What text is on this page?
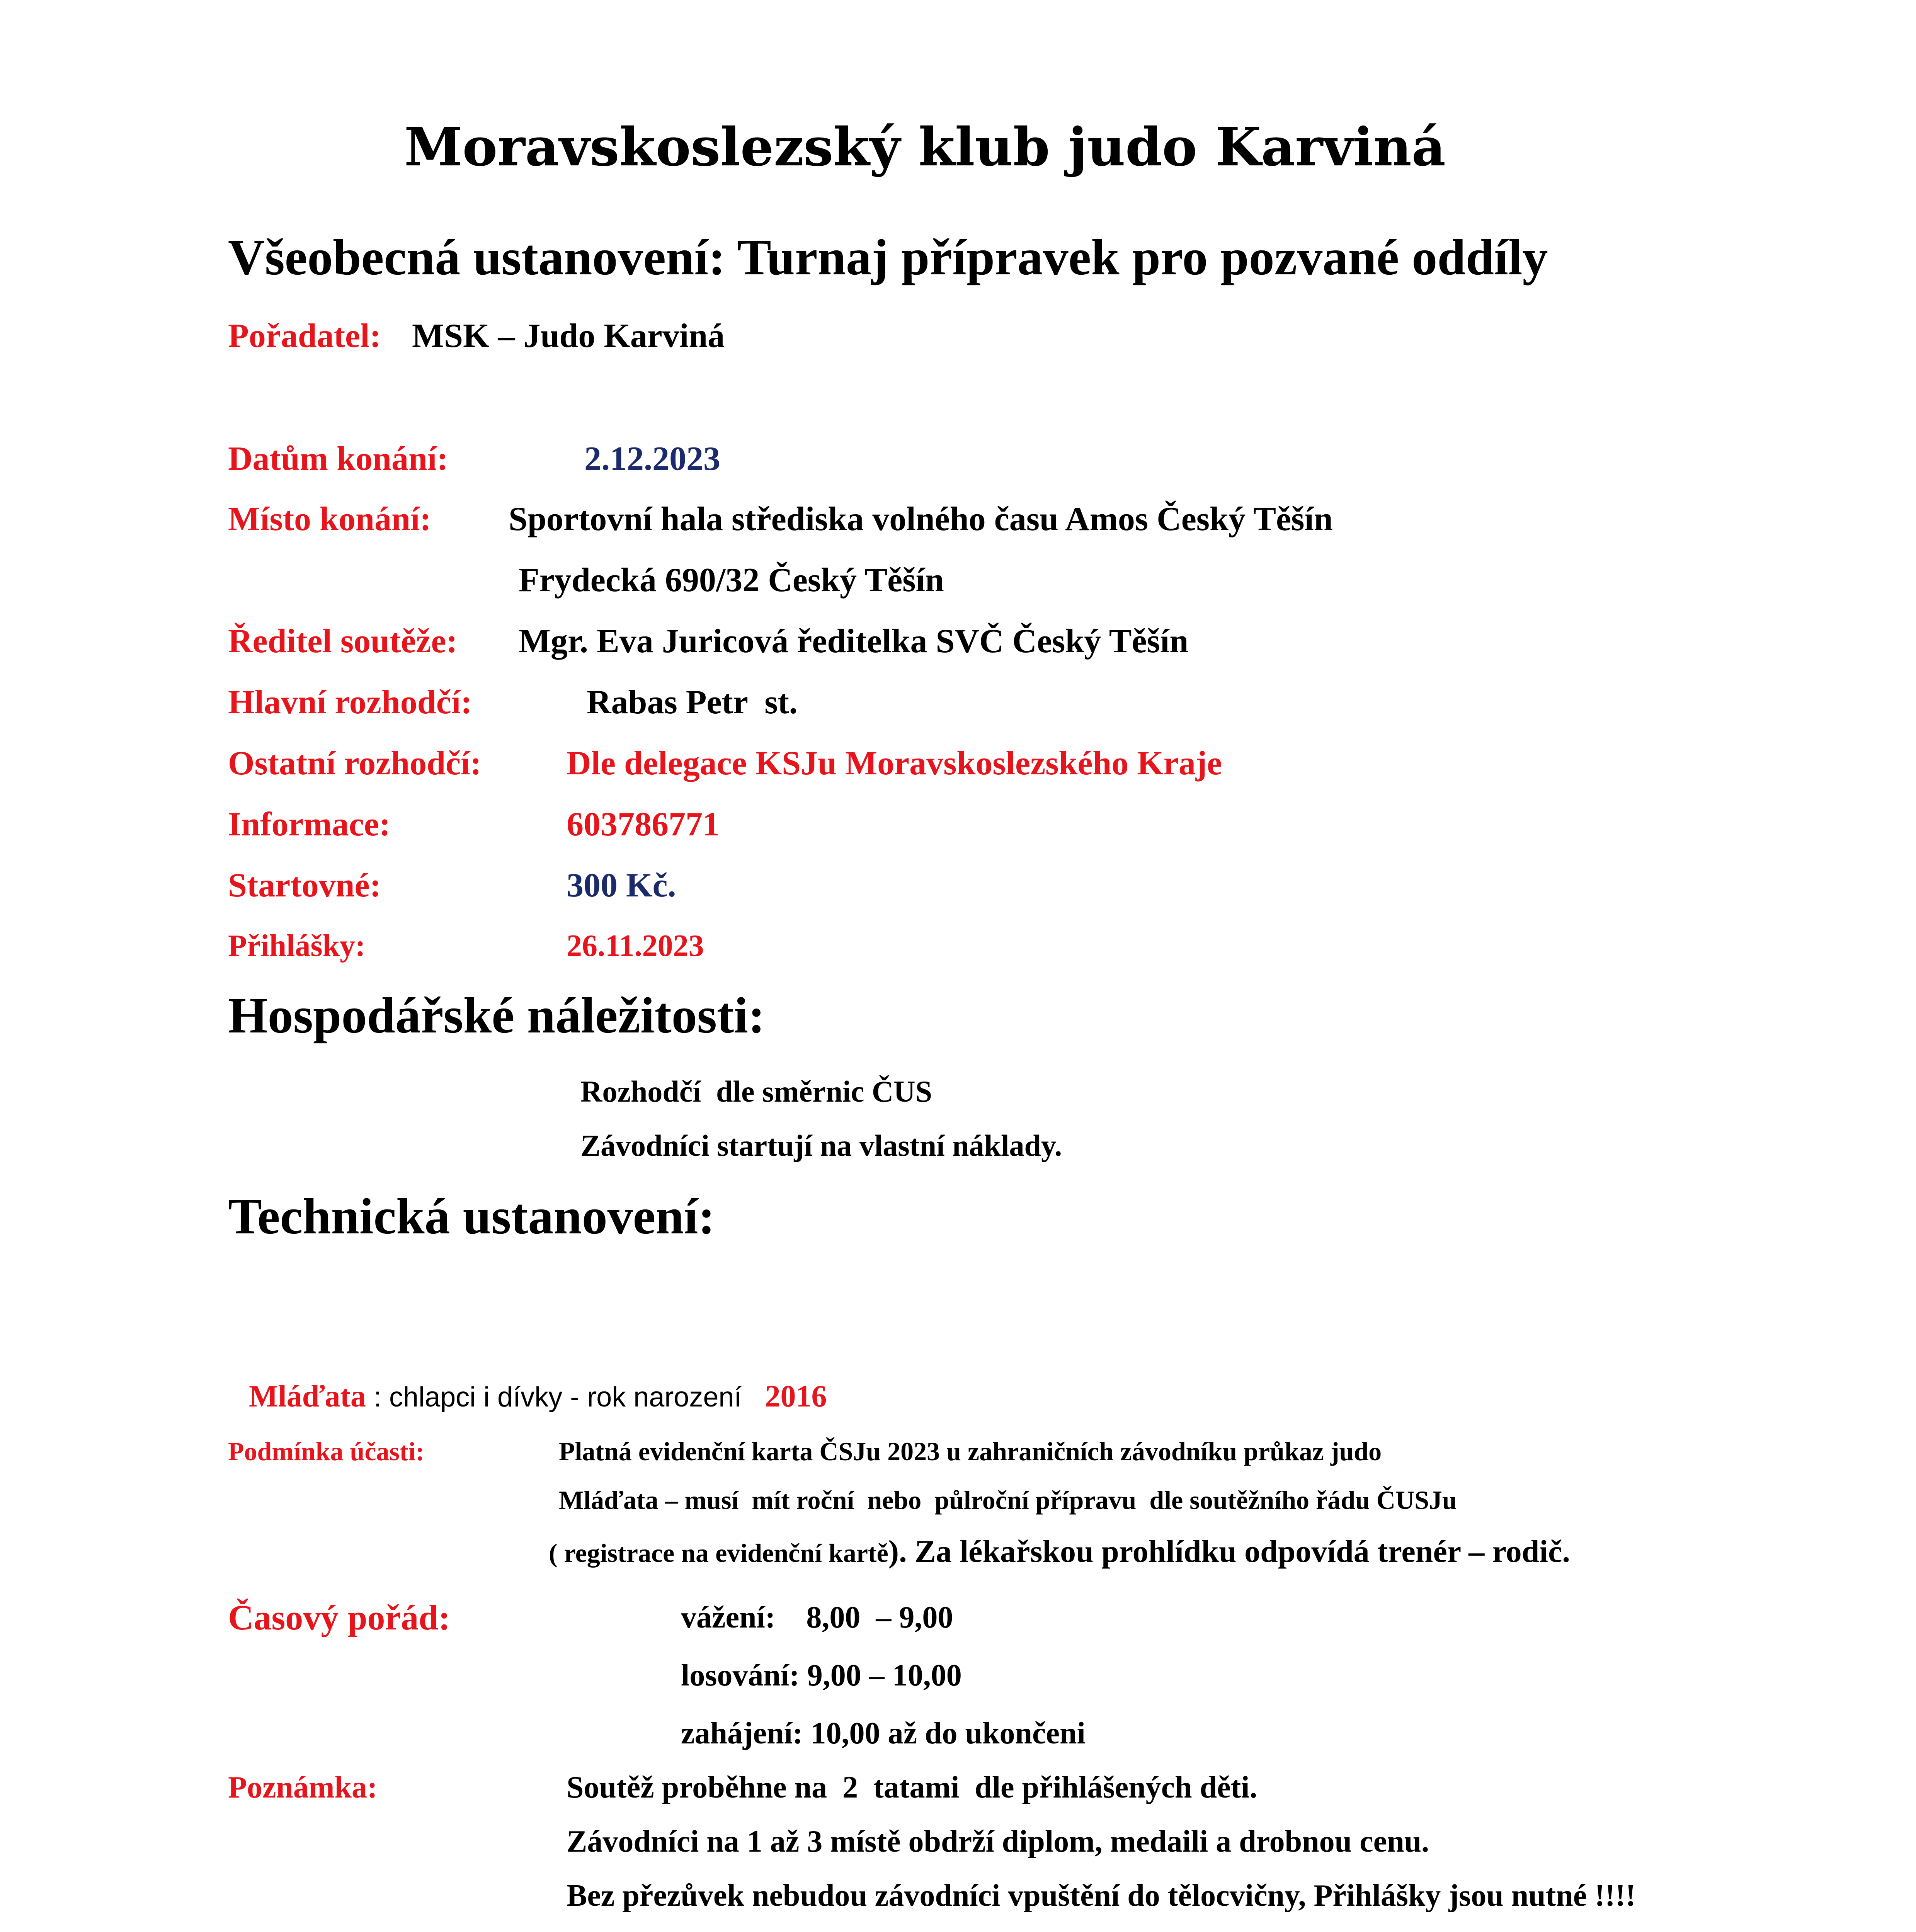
Moravskoslezský klub judo Karviná
Všeobecná ustanovení: Turnaj přípravek pro pozvané oddíly
Pořadatel: MSK – Judo Karviná
Datům konání:	2.12.2023
Místo konání: Sportovní hala střediska volného času Amos Český Těšín
Frydecká 690/32 Český Těšín
Ředitel soutěže: Mgr. Eva Juricová ředitelka SVČ Český Těšín
Hlavní rozhodčí:	Rabas Petr  st.
Ostatní rozhodčí:	Dle delegace KSJu Moravskoslezského Kraje
Informace:	603786771
Startovné:	300 Kč.
Přihlášky:	26.11.2023
Hospodářské náležitosti:
Rozhodčí  dle směrnic ČUS
Závodníci startují na vlastní náklady.
Technická ustanovení:

Mláďata : chlapci i dívky - rok narození 2016

Podmínka účasti:	Platná evidenční karta ČSJu 2023 u zahraničních závodníku průkaz judo
Mláďata – musí  mít roční  nebo  půlroční přípravu  dle soutěžního řádu ČUSJu
( registrace na evidenční kartě). Za lékařskou prohlídku odpovídá trenér – rodič.
Časový pořád:	vážení:    8,00  – 9,00
losování: 9,00 – 10,00
zahájení: 10,00 až do ukončeni
Poznámka:	Soutěž proběhne na  2  tatami  dle přihlášených děti.
Závodníci na 1 až 3 místě obdrží diplom, medaili a drobnou cenu.
Bez přezůvek nebudou závodníci vpuštění do tělocvičny, Přihlášky jsou nutné !!!!
